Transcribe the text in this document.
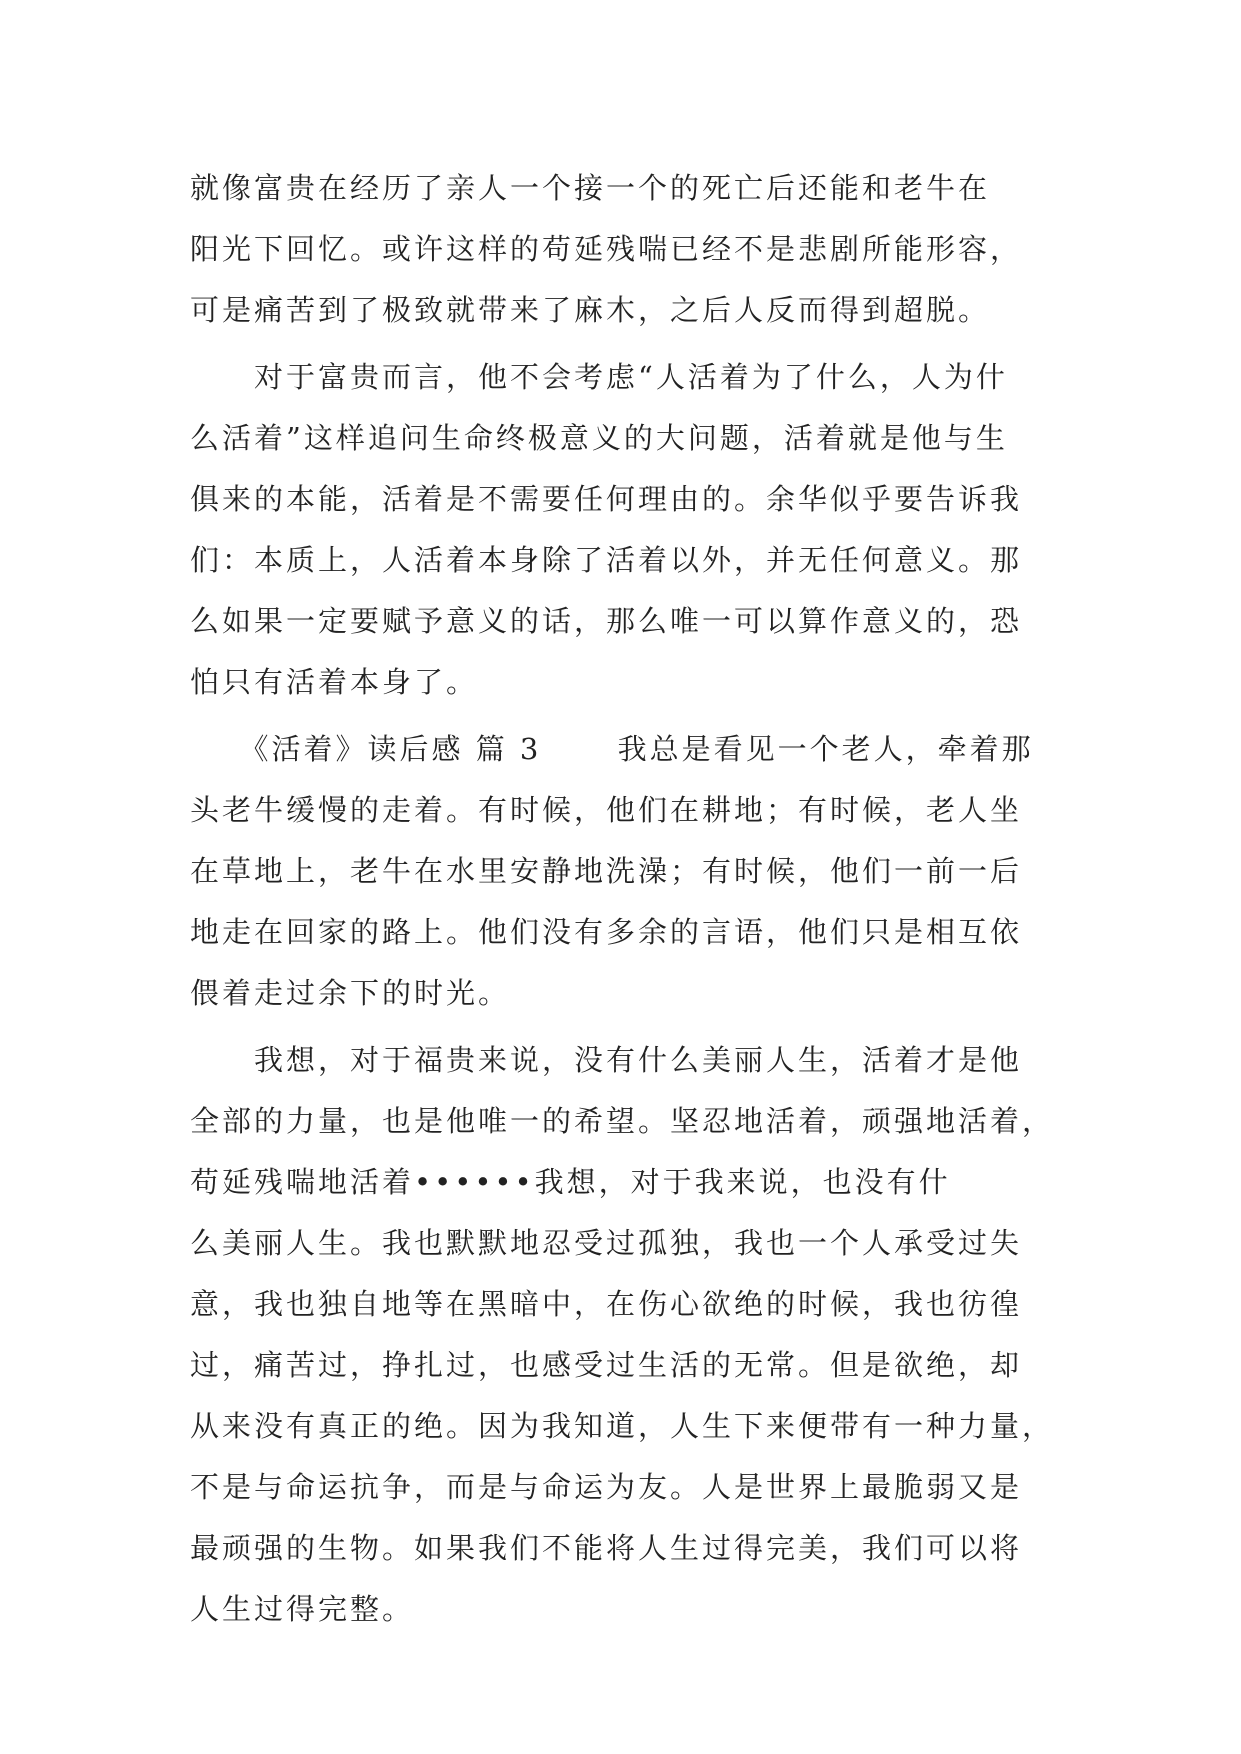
就像富贵在经历了亲人一个接一个的死亡后还能和老牛在
阳光下回忆。或许这样的苟延残喘已经不是悲剧所能形容，
可是痛苦到了极致就带来了麻木，之后人反而得到超脱。
　　对于富贵而言，他不会考虑“人活着为了什么，人为什
么活着”这样追问生命终极意义的大问题，活着就是他与生
俱来的本能，活着是不需要任何理由的。余华似乎要告诉我
们：本质上，人活着本身除了活着以外，并无任何意义。那
么如果一定要赋予意义的话，那么唯一可以算作意义的，恐
怕只有活着本身了。
　　《活着》读后感 篇 3　　 我总是看见一个老人，牵着那
头老牛缓慢的走着。有时候，他们在耕地；有时候，老人坐
在草地上，老牛在水里安静地洗澡；有时候，他们一前一后
地走在回家的路上。他们没有多余的言语，他们只是相互依
偎着走过余下的时光。
　　我想，对于福贵来说，没有什么美丽人生，活着才是他
全部的力量，也是他唯一的希望。坚忍地活着，顽强地活着，
苟延残喘地活着••••••我想，对于我来说，也没有什
么美丽人生。我也默默地忍受过孤独，我也一个人承受过失
意，我也独自地等在黑暗中，在伤心欲绝的时候，我也彷徨
过，痛苦过，挣扎过，也感受过生活的无常。但是欲绝，却
从来没有真正的绝。因为我知道，人生下来便带有一种力量，
不是与命运抗争，而是与命运为友。人是世界上最脆弱又是
最顽强的生物。如果我们不能将人生过得完美，我们可以将
人生过得完整。
